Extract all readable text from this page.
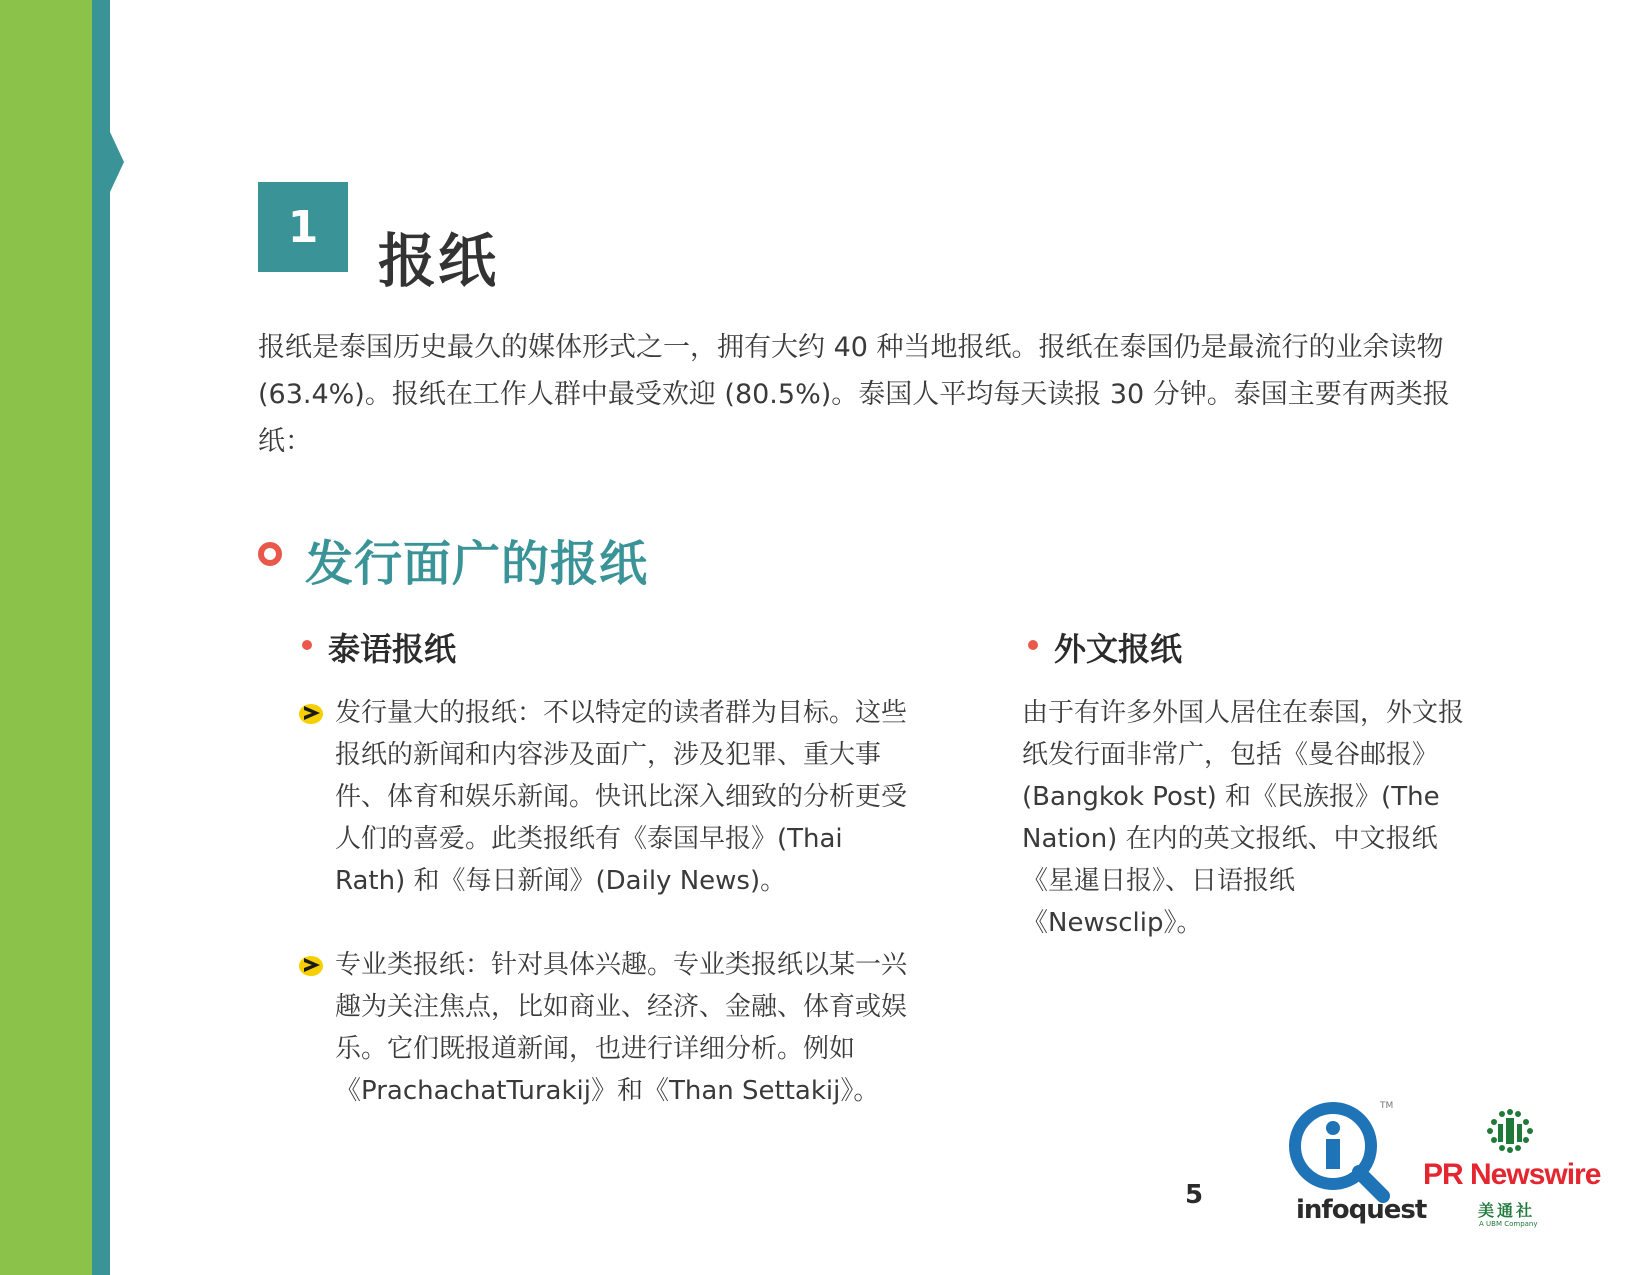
1	报纸
报纸是泰国历史最久的媒体形式之一，拥有大约 40 种当地报纸。报纸在泰国仍是最流行的业余读物 (63.4%)。报纸在工作人群中最受欢迎 (80.5%)。泰国人平均每天读报 30 分钟。泰国主要有两类报纸：
发行面广的报纸
泰语报纸
发行量大的报纸：不以特定的读者群为目标。这些报纸的新闻和内容涉及面广，涉及犯罪、重大事件、体育和娱乐新闻。快讯比深入细致的分析更受人们的喜爱。此类报纸有《泰国早报》(Thai Rath) 和《每日新闻》(Daily News)。
专业类报纸：针对具体兴趣。专业类报纸以某一兴趣为关注焦点，比如商业、经济、金融、体育或娱乐。它们既报道新闻，也进行详细分析。例如《PrachachatTurakij》和《Than Settakij》。
外文报纸
由于有许多外国人居住在泰国，外文报纸发行面非常广，包括《曼谷邮报》(Bangkok Post) 和《民族报》(The Nation) 在内的英文报纸、中文报纸《星暹日报》、日语报纸《Newsclip》。
5
TM
infoquest
PR Newswire
美通社
A UBM Company
